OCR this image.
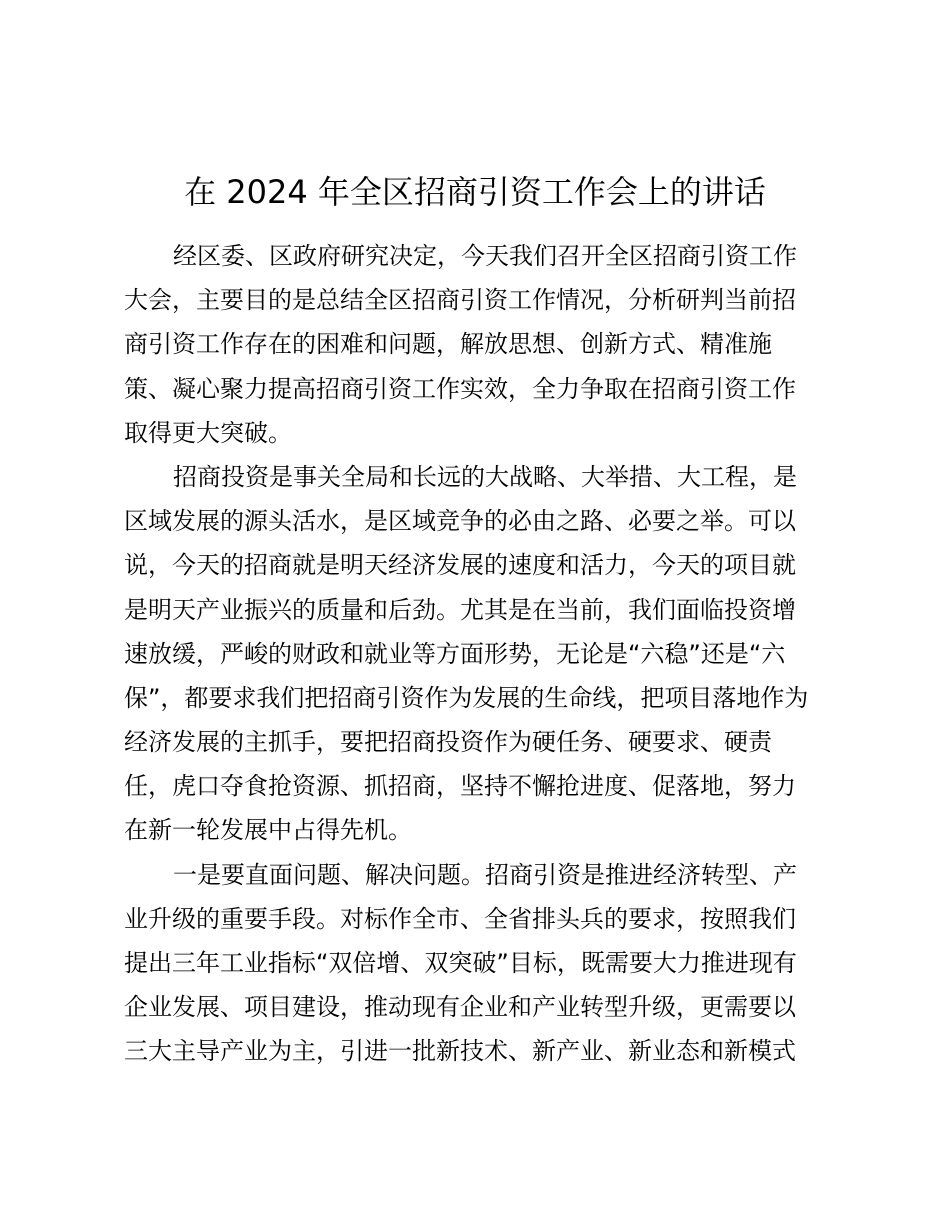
在 2024 年全区招商引资工作会上的讲话
经区委、区政府研究决定，今天我们召开全区招商引资工作
大会，主要目的是总结全区招商引资工作情况，分析研判当前招
商引资工作存在的困难和问题，解放思想、创新方式、精准施
策、凝心聚力提高招商引资工作实效，全力争取在招商引资工作
取得更大突破。
招商投资是事关全局和长远的大战略、大举措、大工程，是
区域发展的源头活水，是区域竞争的必由之路、必要之举。可以
说，今天的招商就是明天经济发展的速度和活力，今天的项目就
是明天产业振兴的质量和后劲。尤其是在当前，我们面临投资增
速放缓，严峻的财政和就业等方面形势，无论是“六稳”还是“六
保”，都要求我们把招商引资作为发展的生命线，把项目落地作为
经济发展的主抓手，要把招商投资作为硬任务、硬要求、硬责
任，虎口夺食抢资源、抓招商，坚持不懈抢进度、促落地，努力
在新一轮发展中占得先机。
一是要直面问题、解决问题。招商引资是推进经济转型、产
业升级的重要手段。对标作全市、全省排头兵的要求，按照我们
提出三年工业指标“双倍增、双突破”目标，既需要大力推进现有
企业发展、项目建设，推动现有企业和产业转型升级，更需要以
三大主导产业为主，引进一批新技术、新产业、新业态和新模式
